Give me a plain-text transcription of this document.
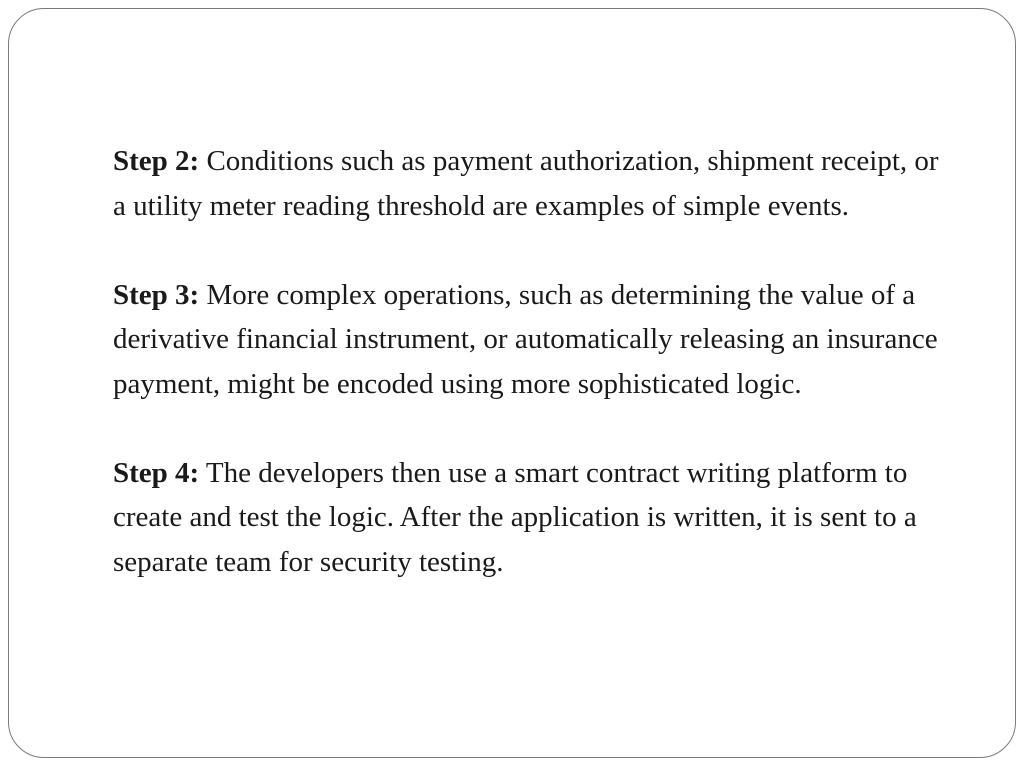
Step 2: Conditions such as payment authorization, shipment receipt, or a utility meter reading threshold are examples of simple events.

Step 3: More complex operations, such as determining the value of a derivative financial instrument, or automatically releasing an insurance payment, might be encoded using more sophisticated logic.

Step 4: The developers then use a smart contract writing platform to create and test the logic. After the application is written, it is sent to a separate team for security testing.
